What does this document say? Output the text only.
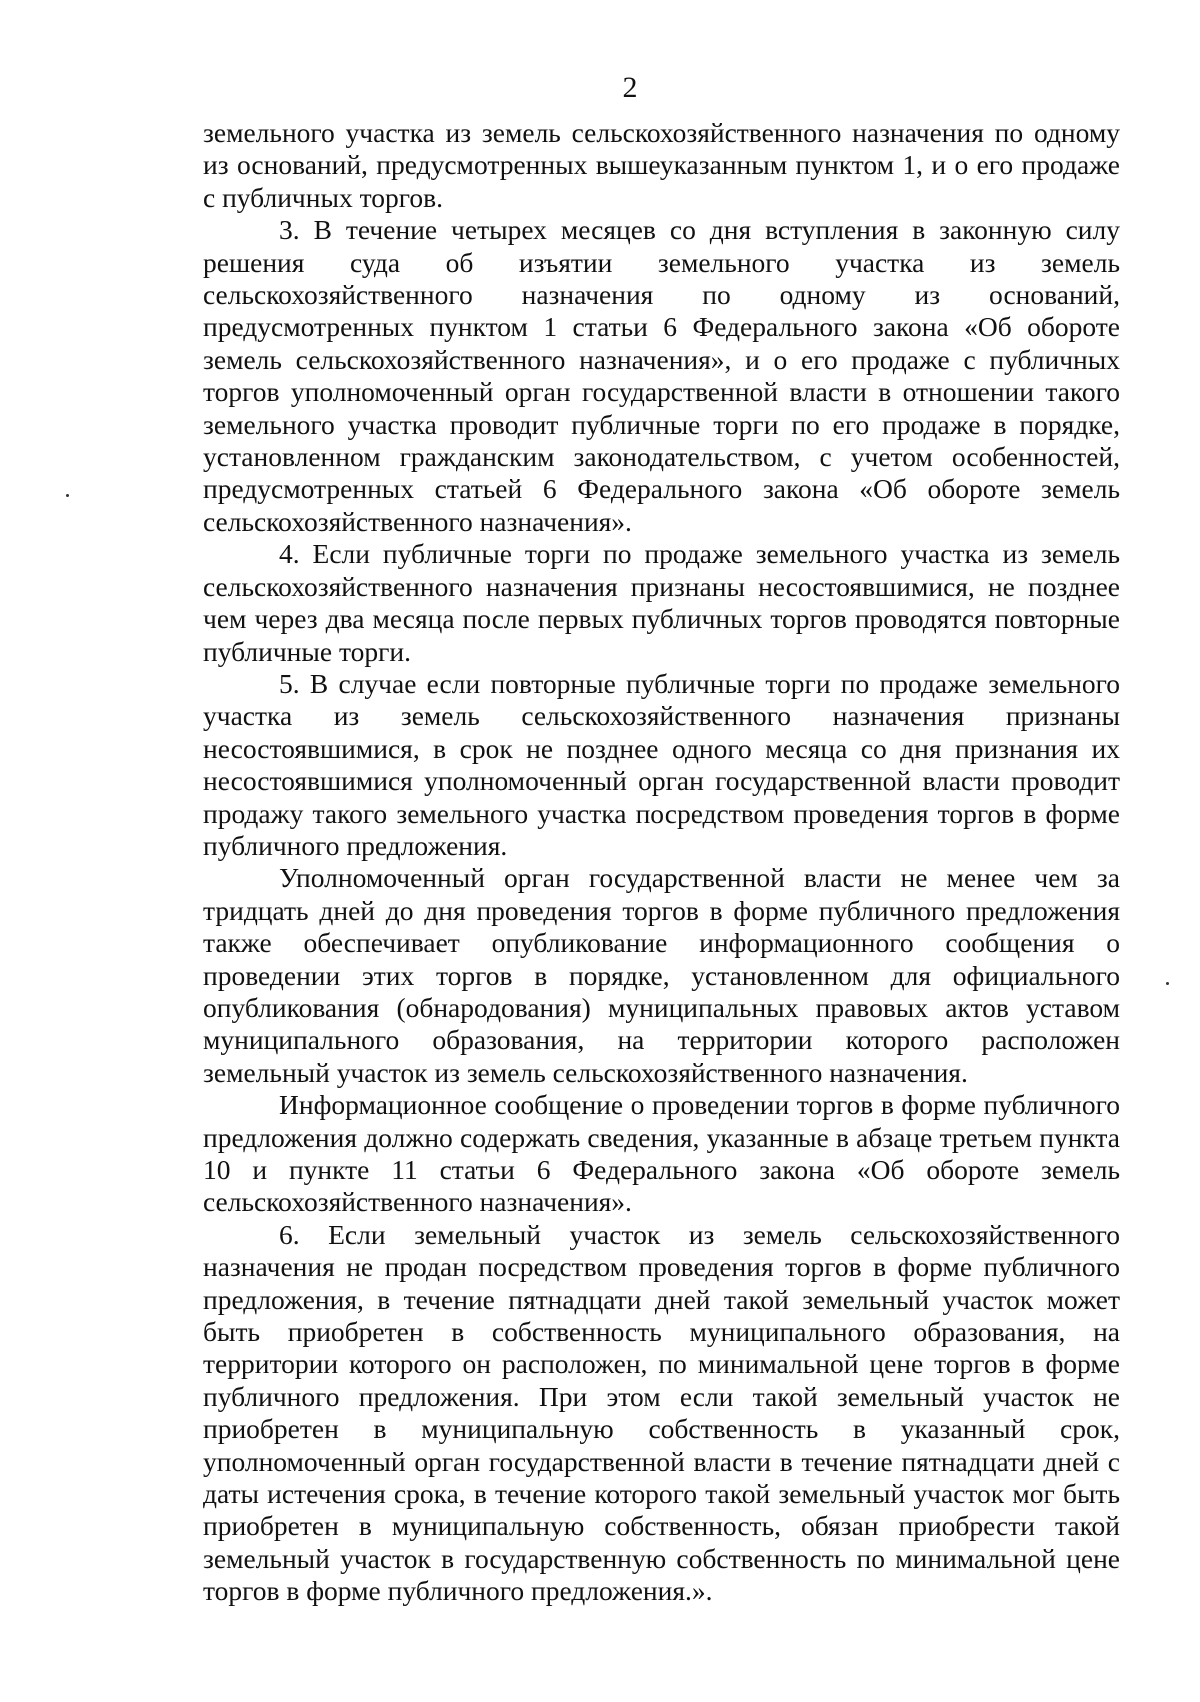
2

земельного участка из земель сельскохозяйственного назначения по одному из оснований, предусмотренных вышеуказанным пунктом 1, и о его продаже с публичных торгов.

3. В течение четырех месяцев со дня вступления в законную силу решения суда об изъятии земельного участка из земель сельскохозяйственного назначения по одному из оснований, предусмотренных пунктом 1 статьи 6 Федерального закона «Об обороте земель сельскохозяйственного назначения», и о его продаже с публичных торгов уполномоченный орган государственной власти в отношении такого земельного участка проводит публичные торги по его продаже в порядке, установленном гражданским законодательством, с учетом особенностей, предусмотренных статьей 6 Федерального закона «Об обороте земель сельскохозяйственного назначения».

4. Если публичные торги по продаже земельного участка из земель сельскохозяйственного назначения признаны несостоявшимися, не позднее чем через два месяца после первых публичных торгов проводятся повторные публичные торги.

5. В случае если повторные публичные торги по продаже земельного участка из земель сельскохозяйственного назначения признаны несостоявшимися, в срок не позднее одного месяца со дня признания их несостоявшимися уполномоченный орган государственной власти проводит продажу такого земельного участка посредством проведения торгов в форме публичного предложения.

Уполномоченный орган государственной власти не менее чем за тридцать дней до дня проведения торгов в форме публичного предложения также обеспечивает опубликование информационного сообщения о проведении этих торгов в порядке, установленном для официального опубликования (обнародования) муниципальных правовых актов уставом муниципального образования, на территории которого расположен земельный участок из земель сельскохозяйственного назначения.

Информационное сообщение о проведении торгов в форме публичного предложения должно содержать сведения, указанные в абзаце третьем пункта 10 и пункте 11 статьи 6 Федерального закона «Об обороте земель сельскохозяйственного назначения».

6. Если земельный участок из земель сельскохозяйственного назначения не продан посредством проведения торгов в форме публичного предложения, в течение пятнадцати дней такой земельный участок может быть приобретен в собственность муниципального образования, на территории которого он расположен, по минимальной цене торгов в форме публичного предложения. При этом если такой земельный участок не приобретен в муниципальную собственность в указанный срок, уполномоченный орган государственной власти в течение пятнадцати дней с даты истечения срока, в течение которого такой земельный участок мог быть приобретен в муниципальную собственность, обязан приобрести такой земельный участок в государственную собственность по минимальной цене торгов в форме публичного предложения.».
